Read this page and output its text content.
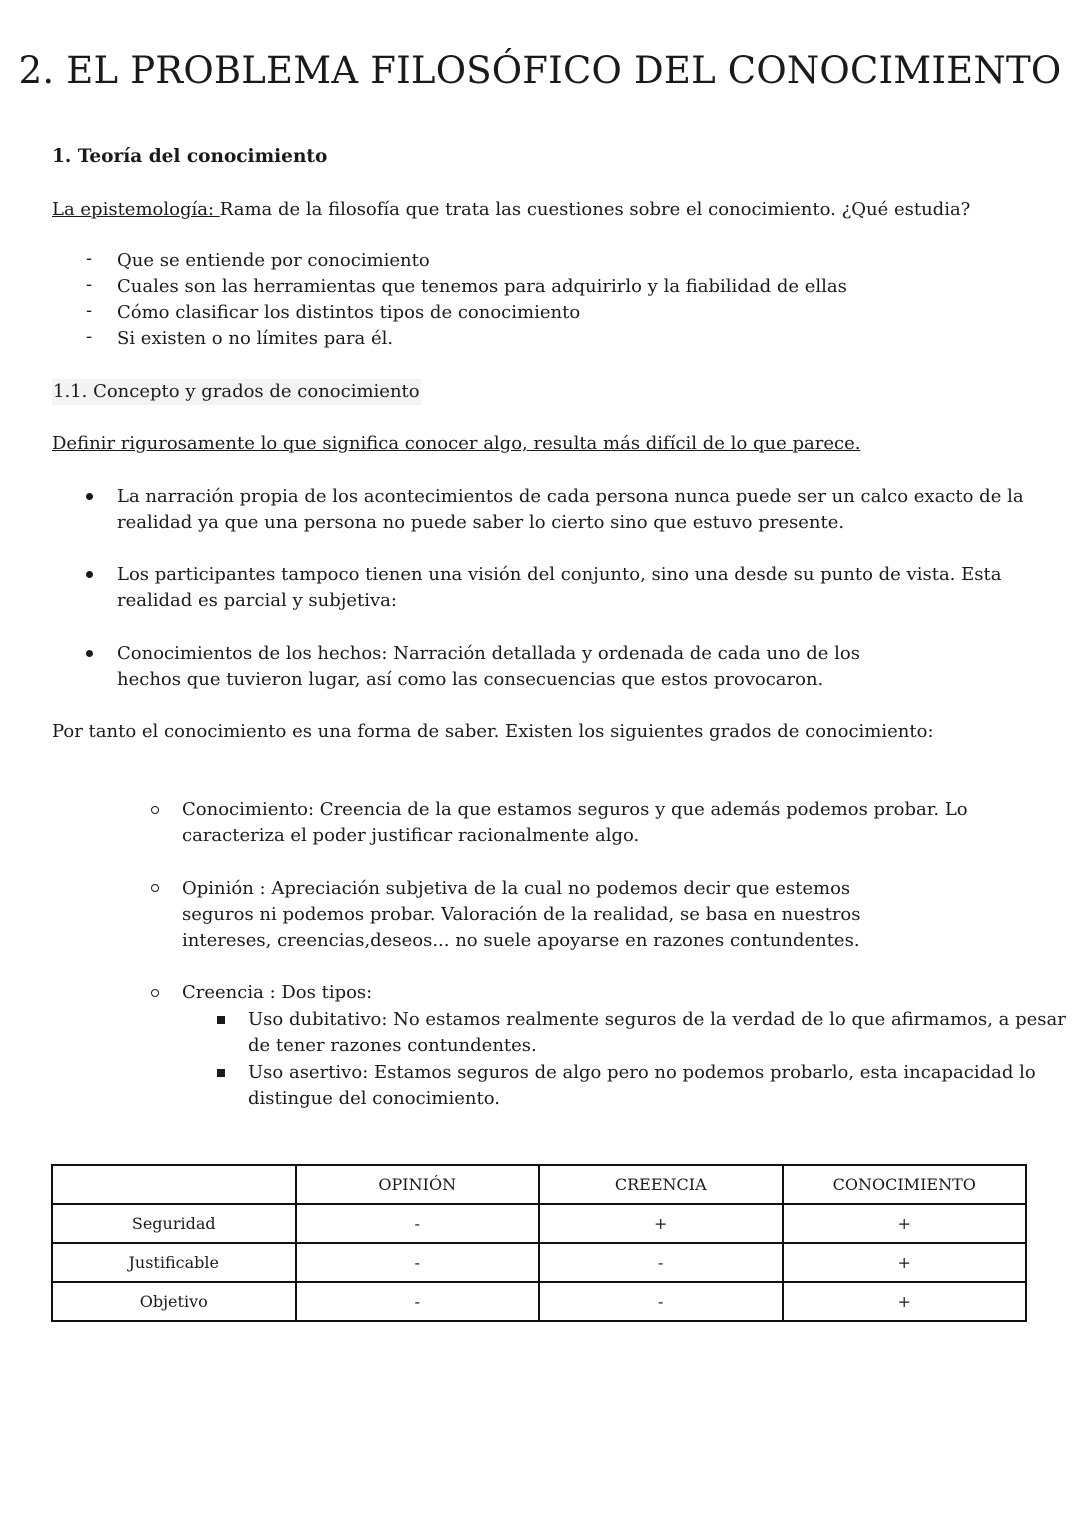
2. EL PROBLEMA FILOSÓFICO DEL CONOCIMIENTO
1. Teoría del conocimiento
La epistemología: Rama de la filosofía que trata las cuestiones sobre el conocimiento. ¿Qué estudia?
- Que se entiende por conocimiento
- Cuales son las herramientas que tenemos para adquirirlo y la fiabilidad de ellas
- Cómo clasificar los distintos tipos de conocimiento
- Si existen o no límites para él.
1.1. Concepto y grados de conocimiento
Definir rigurosamente lo que significa conocer algo, resulta más difícil de lo que parece.
La narración propia de los acontecimientos de cada persona nunca puede ser un calco exacto de la
realidad ya que una persona no puede saber lo cierto sino que estuvo presente.
Los participantes tampoco tienen una visión del conjunto, sino una desde su punto de vista. Esta
realidad es parcial y subjetiva:
Conocimientos de los hechos: Narración detallada y ordenada de cada uno de los
hechos que tuvieron lugar, así como las consecuencias que estos provocaron.
Por tanto el conocimiento es una forma de saber. Existen los siguientes grados de conocimiento:
Conocimiento: Creencia de la que estamos seguros y que además podemos probar. Lo
caracteriza el poder justificar racionalmente algo.
Opinión : Apreciación subjetiva de la cual no podemos decir que estemos
seguros ni podemos probar. Valoración de la realidad, se basa en nuestros
intereses, creencias,deseos... no suele apoyarse en razones contundentes.
Creencia : Dos tipos:
Uso dubitativo: No estamos realmente seguros de la verdad de lo que afirmamos, a pesar
de tener razones contundentes.
Uso asertivo: Estamos seguros de algo pero no podemos probarlo, esta incapacidad lo
distingue del conocimiento.
	OPINIÓN	CREENCIA	CONOCIMIENTO
Seguridad	-	+	+
Justificable	-	-	+
Objetivo	-	-	+
